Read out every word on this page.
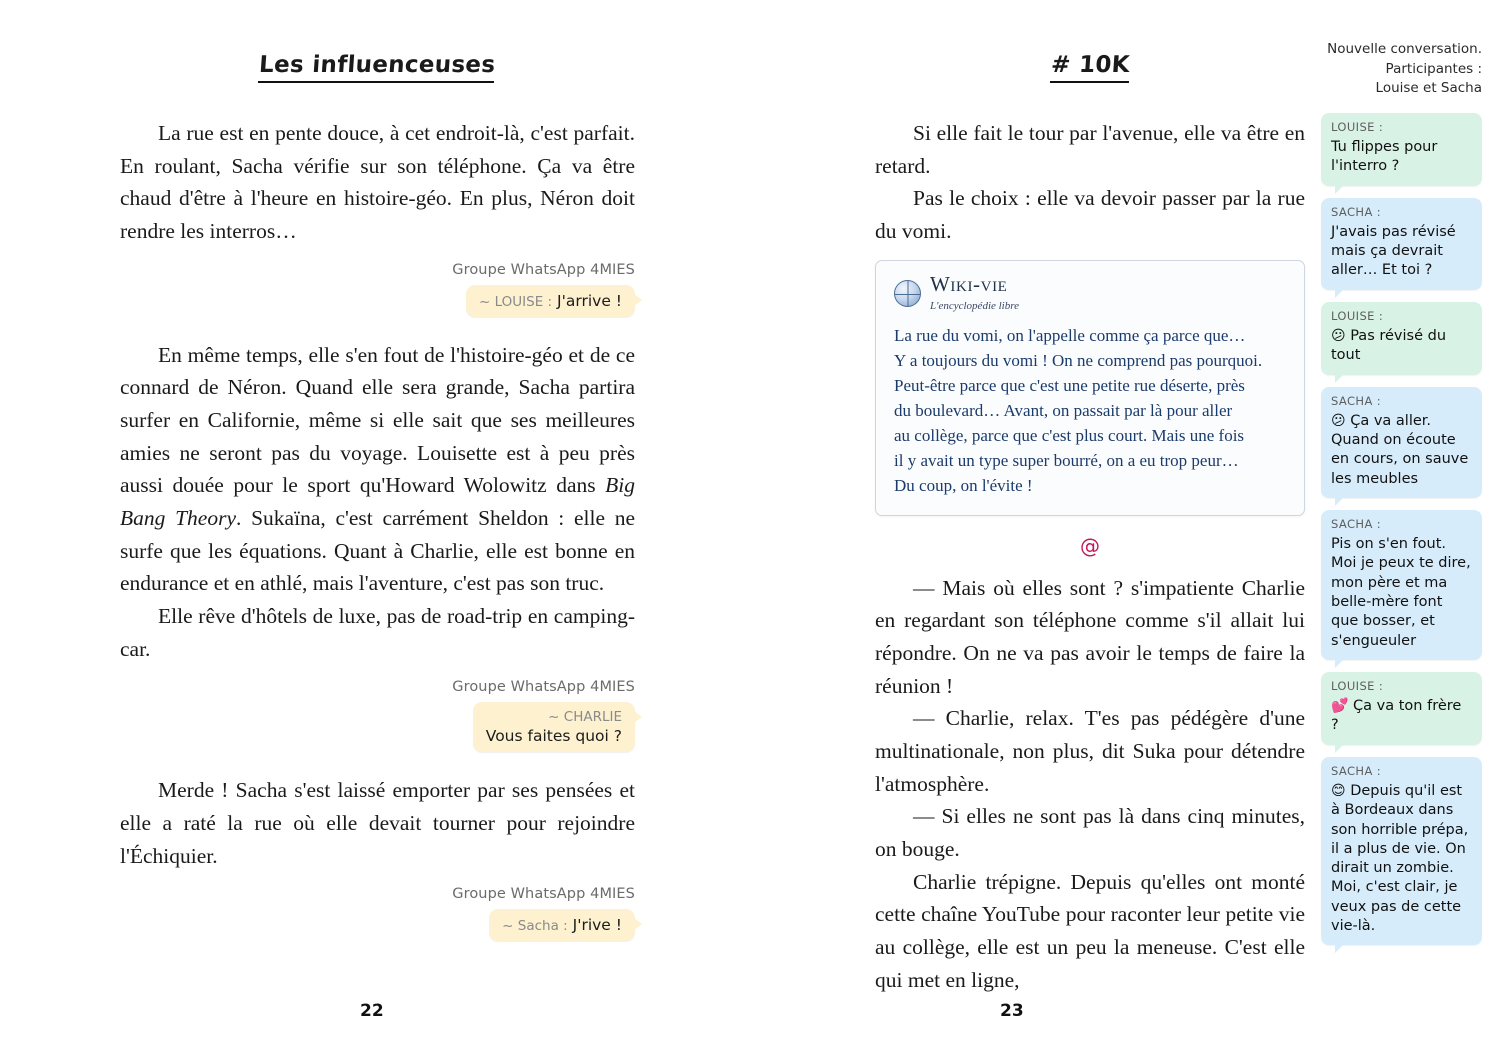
Les influenceuses

La rue est en pente douce, à cet endroit-là, c'est parfait. En roulant, Sacha vérifie sur son téléphone. Ça va être chaud d'être à l'heure en histoire-géo. En plus, Néron doit rendre les interros…

Groupe WhatsApp 4MIES
~ LOUISE : J'arrive !

En même temps, elle s'en fout de l'histoire-géo et de ce connard de Néron. Quand elle sera grande, Sacha partira surfer en Californie, même si elle sait que ses meilleures amies ne seront pas du voyage. Louisette est à peu près aussi douée pour le sport qu'Howard Wolowitz dans Big Bang Theory. Sukaïna, c'est carrément Sheldon : elle ne surfe que les équations. Quant à Charlie, elle est bonne en endurance et en athlé, mais l'aventure, c'est pas son truc.

Elle rêve d'hôtels de luxe, pas de road-trip en camping-car.

Groupe WhatsApp 4MIES
~ CHARLIE
Vous faites quoi ?

Merde ! Sacha s'est laissé emporter par ses pensées et elle a raté la rue où elle devait tourner pour rejoindre l'Échiquier.

Groupe WhatsApp 4MIES
~ Sacha : J'rive !
# 10K

Si elle fait le tour par l'avenue, elle va être en retard.

Pas le choix : elle va devoir passer par la rue du vomi.

Wiki-vie
L'encyclopédie libre
La rue du vomi, on l'appelle comme ça parce que…
Y a toujours du vomi ! On ne comprend pas pourquoi.
Peut-être parce que c'est une petite rue déserte, près
du boulevard… Avant, on passait par là pour aller
au collège, parce que c'est plus court. Mais une fois
il y avait un type super bourré, on a eu trop peur…
Du coup, on l'évite !
@

— Mais où elles sont ? s'impatiente Charlie en regardant son téléphone comme s'il allait lui répondre. On ne va pas avoir le temps de faire la réunion !

— Charlie, relax. T'es pas pédégère d'une multinationale, non plus, dit Suka pour détendre l'atmosphère.

— Si elles ne sont pas là dans cinq minutes, on bouge.

Charlie trépigne. Depuis qu'elles ont monté cette chaîne YouTube pour raconter leur petite vie au collège, elle est un peu la meneuse. C'est elle qui met en ligne,

Nouvelle conversation.
Participantes :
Louise et Sacha
LOUISE :
Tu flippes pour l'interro ?
SACHA :
J'avais pas révisé mais ça devrait aller… Et toi ?
LOUISE :
😕 Pas révisé du tout
SACHA :
😕 Ça va aller. Quand on écoute en cours, on sauve les meubles
SACHA :
Pis on s'en fout. Moi je peux te dire, mon père et ma belle-mère font que bosser, et s'engueuler
LOUISE :
💕 Ça va ton frère ?
SACHA :
😊 Depuis qu'il est à Bordeaux dans son horrible prépa, il a plus de vie. On dirait un zombie. Moi, c'est clair, je veux pas de cette vie-là.
22	23
